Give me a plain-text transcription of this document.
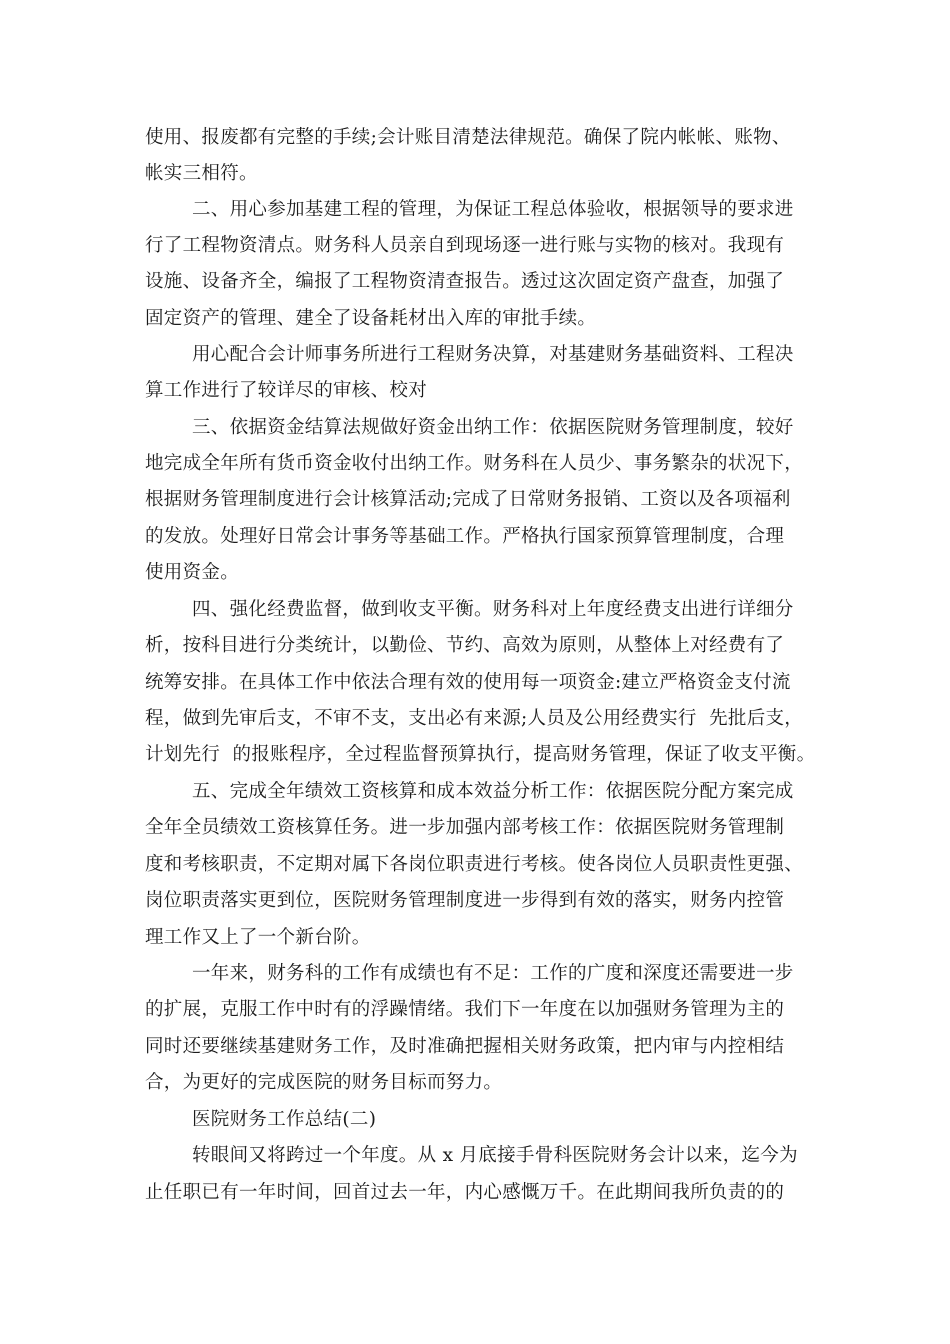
使用、报废都有完整的手续;会计账目清楚法律规范。确保了院内帐帐、账物、
帐实三相符。
二、用心参加基建工程的管理，为保证工程总体验收，根据领导的要求进
行了工程物资清点。财务科人员亲自到现场逐一进行账与实物的核对。我现有
设施、设备齐全，编报了工程物资清查报告。透过这次固定资产盘查，加强了
固定资产的管理、建全了设备耗材出入库的审批手续。
用心配合会计师事务所进行工程财务决算，对基建财务基础资料、工程决
算工作进行了较详尽的审核、校对
三、依据资金结算法规做好资金出纳工作：依据医院财务管理制度，较好
地完成全年所有货币资金收付出纳工作。财务科在人员少、事务繁杂的状况下，
根据财务管理制度进行会计核算活动;完成了日常财务报销、工资以及各项福利
的发放。处理好日常会计事务等基础工作。严格执行国家预算管理制度，合理
使用资金。
四、强化经费监督，做到收支平衡。财务科对上年度经费支出进行详细分
析，按科目进行分类统计，以勤俭、节约、高效为原则，从整体上对经费有了
统筹安排。在具体工作中依法合理有效的使用每一项资金:建立严格资金支付流
程，做到先审后支，不审不支，支出必有来源;人员及公用经费实行  先批后支，
计划先行  的报账程序，全过程监督预算执行，提高财务管理，保证了收支平衡。
五、完成全年绩效工资核算和成本效益分析工作：依据医院分配方案完成
全年全员绩效工资核算任务。进一步加强内部考核工作：依据医院财务管理制
度和考核职责，不定期对属下各岗位职责进行考核。使各岗位人员职责性更强、
岗位职责落实更到位，医院财务管理制度进一步得到有效的落实，财务内控管
理工作又上了一个新台阶。
一年来，财务科的工作有成绩也有不足：工作的广度和深度还需要进一步
的扩展，克服工作中时有的浮躁情绪。我们下一年度在以加强财务管理为主的
同时还要继续基建财务工作，及时准确把握相关财务政策，把内审与内控相结
合，为更好的完成医院的财务目标而努力。
医院财务工作总结(二)
转眼间又将跨过一个年度。从 x 月底接手骨科医院财务会计以来，迄今为
止任职已有一年时间，回首过去一年，内心感慨万千。在此期间我所负责的的
